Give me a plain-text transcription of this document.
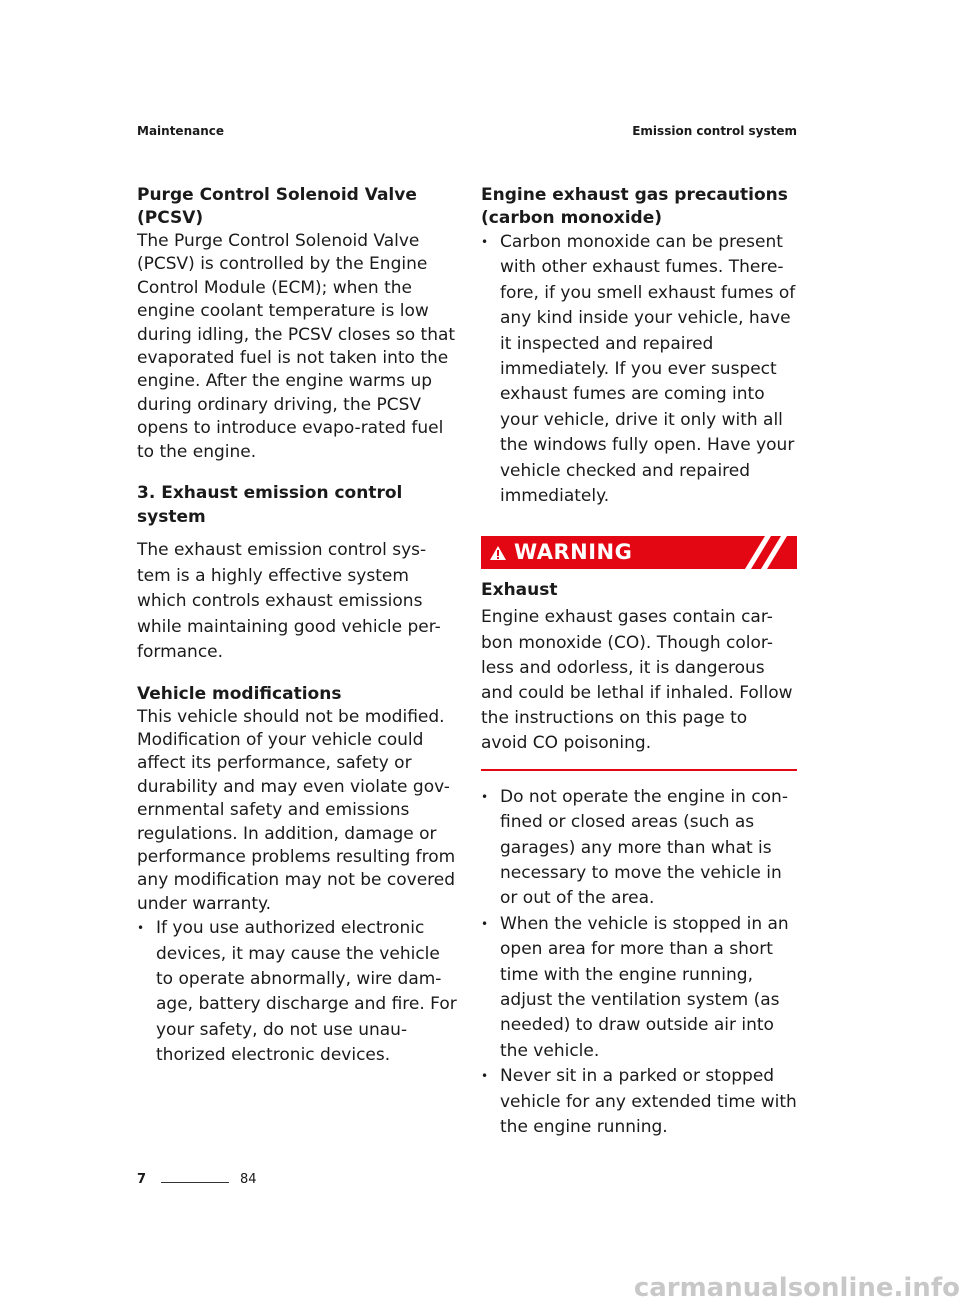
Maintenance	Emission control system
Purge Control Solenoid Valve (PCSV)
The Purge Control Solenoid Valve (PCSV) is controlled by the Engine Control Module (ECM); when the engine coolant temperature is low during idling, the PCSV closes so that evaporated fuel is not taken into the engine. After the engine warms up during ordinary driving, the PCSV opens to introduce evapo-rated fuel to the engine.
3. Exhaust emission control system
The exhaust emission control sys-tem is a highly effective system which controls exhaust emissions while maintaining good vehicle per-formance.
Vehicle modifications
This vehicle should not be modified. Modification of your vehicle could affect its performance, safety or durability and may even violate gov-ernmental safety and emissions regulations. In addition, damage or performance problems resulting from any modification may not be covered under warranty.
• If you use authorized electronic devices, it may cause the vehicle to operate abnormally, wire dam-age, battery discharge and fire. For your safety, do not use unau-thorized electronic devices.
Engine exhaust gas precautions (carbon monoxide)
• Carbon monoxide can be present with other exhaust fumes. There-fore, if you smell exhaust fumes of any kind inside your vehicle, have it inspected and repaired immediately. If you ever suspect exhaust fumes are coming into your vehicle, drive it only with all the windows fully open. Have your vehicle checked and repaired immediately.
WARNING
Exhaust
Engine exhaust gases contain car-bon monoxide (CO). Though color-less and odorless, it is dangerous and could be lethal if inhaled. Follow the instructions on this page to avoid CO poisoning.
• Do not operate the engine in con-fined or closed areas (such as garages) any more than what is necessary to move the vehicle in or out of the area.
• When the vehicle is stopped in an open area for more than a short time with the engine running, adjust the ventilation system (as needed) to draw outside air into the vehicle.
• Never sit in a parked or stopped vehicle for any extended time with the engine running.
7	84
carmanualsonline.info
